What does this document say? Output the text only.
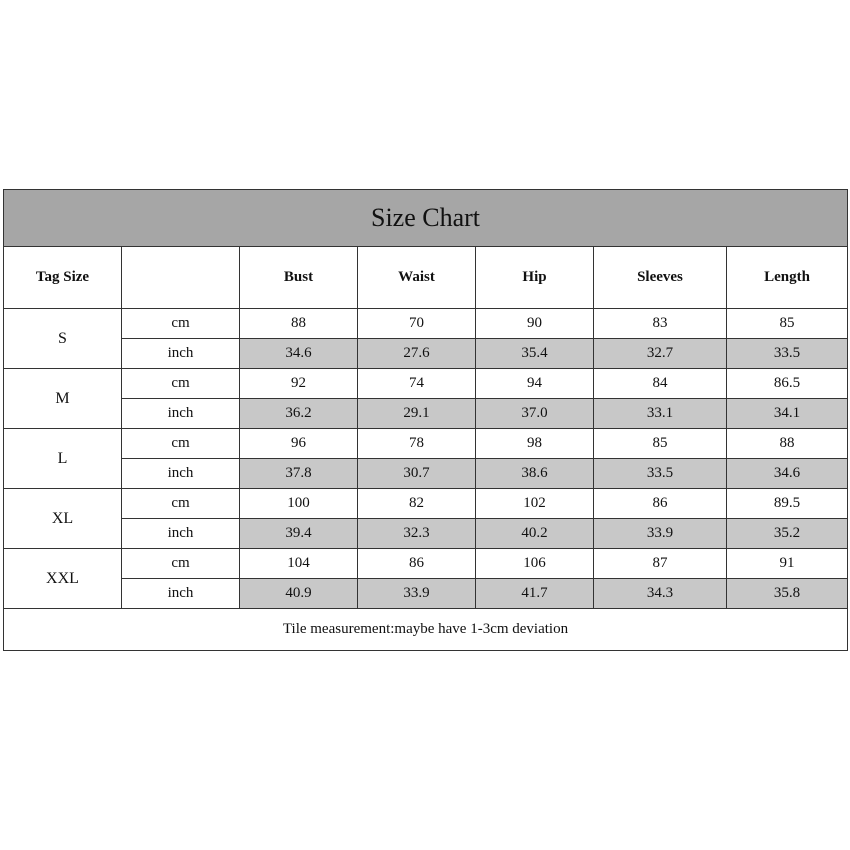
Size Chart						
Tag Size		Bust	Waist	Hip	Sleeves	Length
S	cm	88	70	90	83	85
	inch	34.6	27.6	35.4	32.7	33.5
M	cm	92	74	94	84	86.5
	inch	36.2	29.1	37.0	33.1	34.1
L	cm	96	78	98	85	88
	inch	37.8	30.7	38.6	33.5	34.6
XL	cm	100	82	102	86	89.5
	inch	39.4	32.3	40.2	33.9	35.2
XXL	cm	104	86	106	87	91
	inch	40.9	33.9	41.7	34.3	35.8
Tile measurement:maybe have 1-3cm deviation						
